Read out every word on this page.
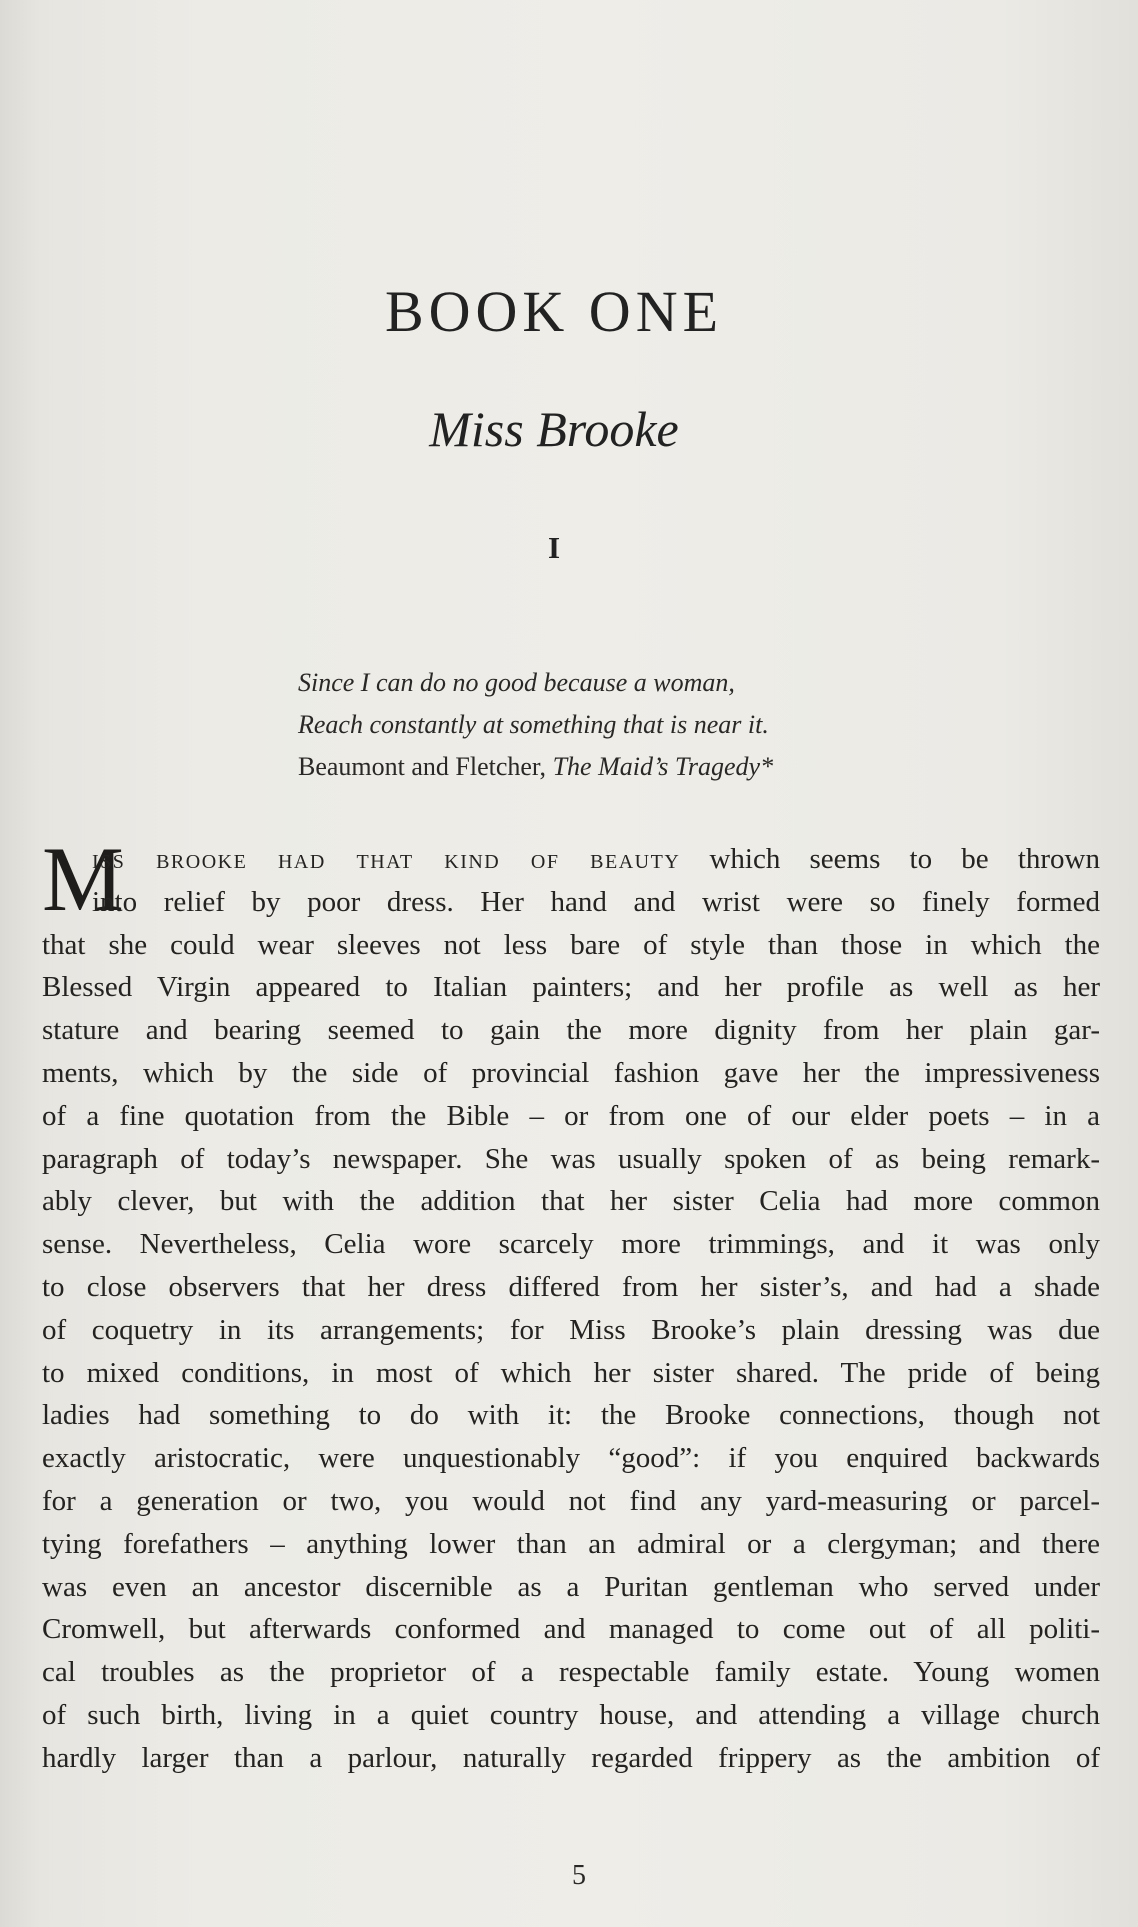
BOOK ONE
Miss Brooke
I
Since I can do no good because a woman,
Reach constantly at something that is near it.
Beaumont and Fletcher, The Maid’s Tragedy*
M
iss brooke had that kind of beauty which seems to be thrown
into relief by poor dress. Her hand and wrist were so finely formed
that she could wear sleeves not less bare of style than those in which the
Blessed Virgin appeared to Italian painters; and her profile as well as her
stature and bearing seemed to gain the more dignity from her plain gar-
ments, which by the side of provincial fashion gave her the impressiveness
of a fine quotation from the Bible – or from one of our elder poets – in a
paragraph of today’s newspaper. She was usually spoken of as being remark-
ably clever, but with the addition that her sister Celia had more common
sense. Nevertheless, Celia wore scarcely more trimmings, and it was only
to close observers that her dress differed from her sister’s, and had a shade
of coquetry in its arrangements; for Miss Brooke’s plain dressing was due
to mixed conditions, in most of which her sister shared. The pride of being
ladies had something to do with it: the Brooke connections, though not
exactly aristocratic, were unquestionably “good”: if you enquired backwards
for a generation or two, you would not find any yard-measuring or parcel-
tying forefathers – anything lower than an admiral or a clergyman; and there
was even an ancestor discernible as a Puritan gentleman who served under
Cromwell, but afterwards conformed and managed to come out of all politi-
cal troubles as the proprietor of a respectable family estate. Young women
of such birth, living in a quiet country house, and attending a village church
hardly larger than a parlour, naturally regarded frippery as the ambition of
5
